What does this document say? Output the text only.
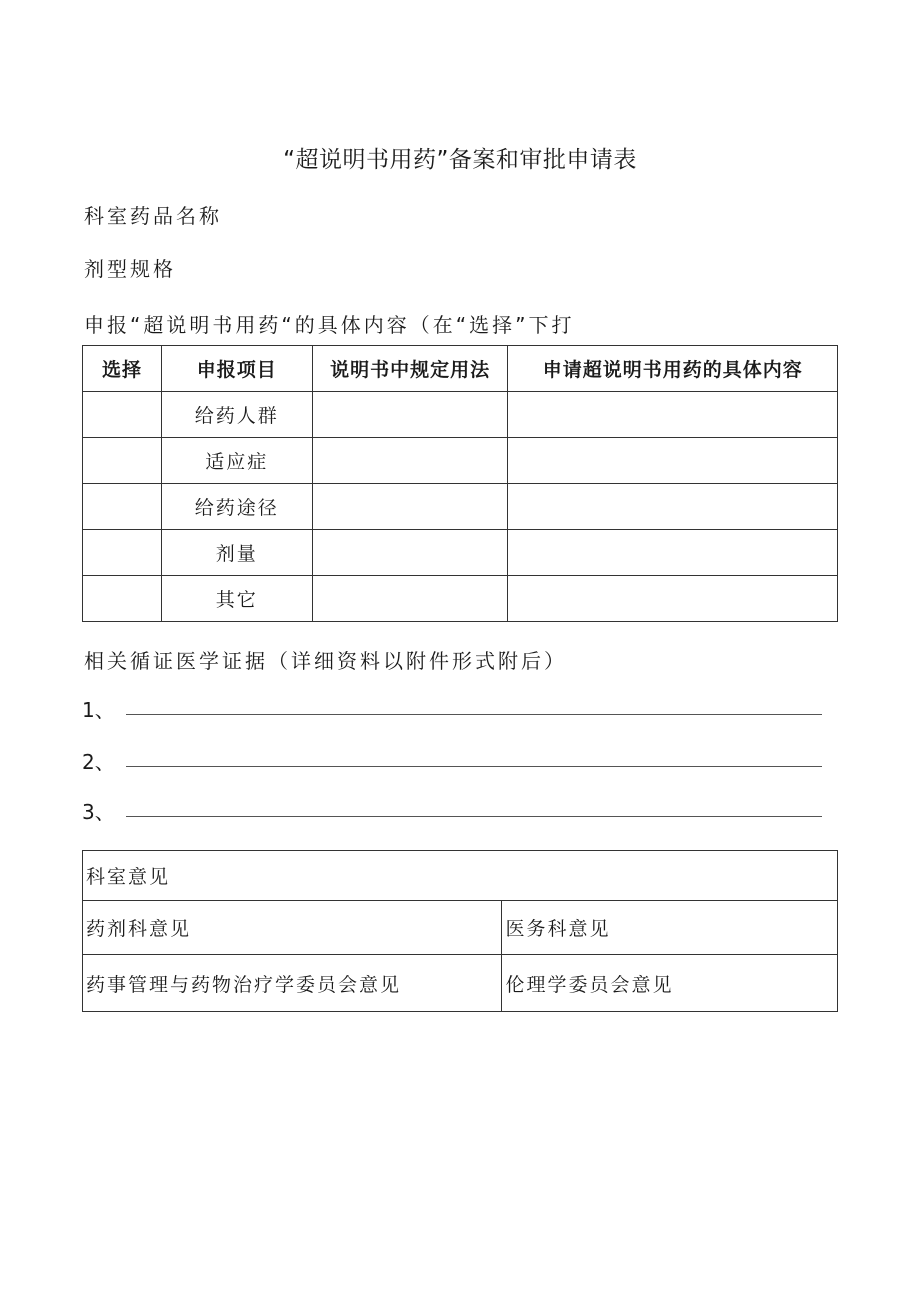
“超说明书用药”备案和审批申请表
科室药品名称
剂型规格
申报“超说明书用药“的具体内容（在“选择”下打
选择	申报项目	说明书中规定用法	申请超说明书用药的具体内容
	给药人群		
	适应症		
	给药途径		
	剂量		
	其它		
相关循证医学证据（详细资料以附件形式附后）
1、
2、
3、
科室意见	
药剂科意见	医务科意见
药事管理与药物治疗学委员会意见	伦理学委员会意见
